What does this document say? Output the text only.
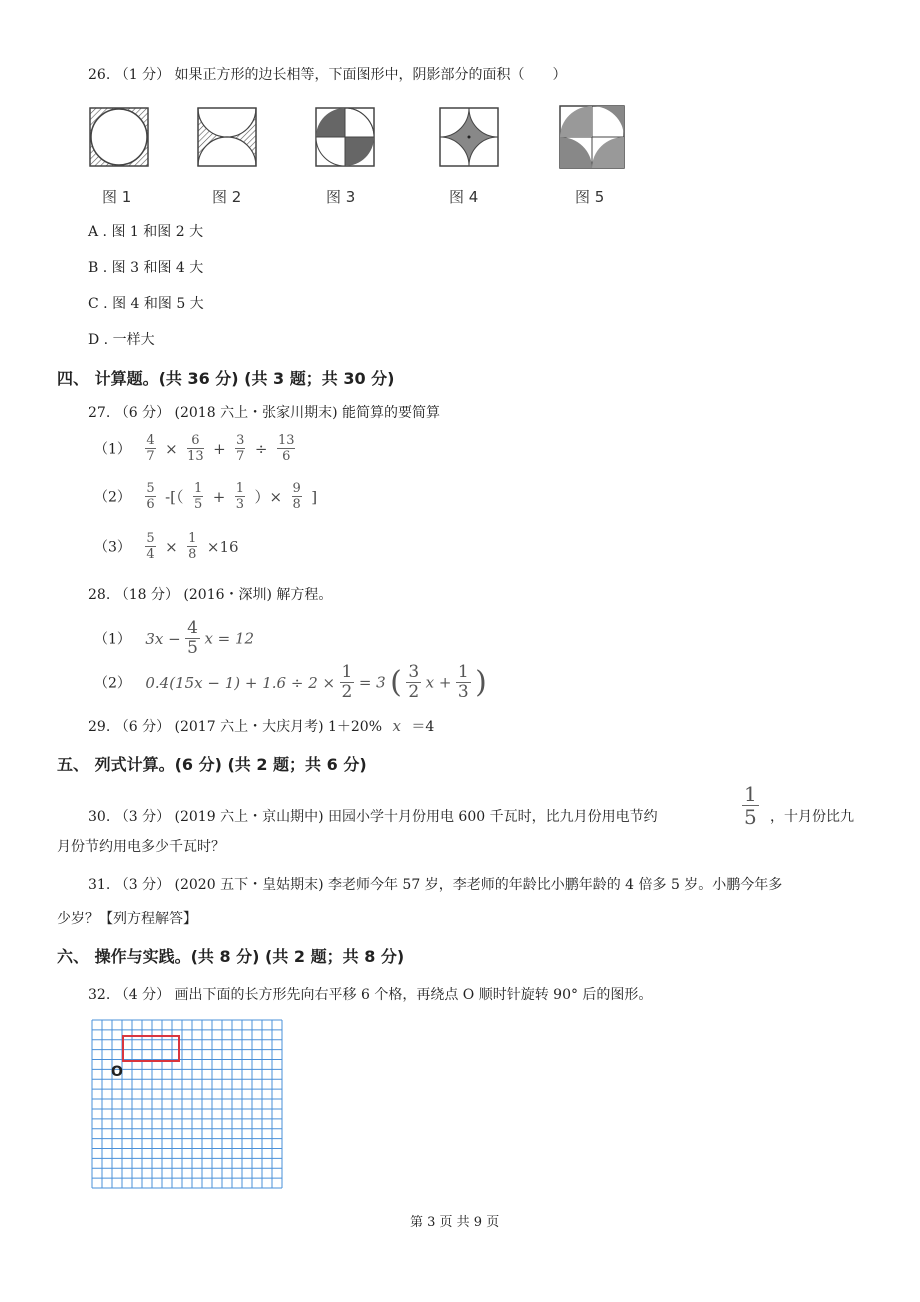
26. （1 分） 如果正方形的边长相等，下面图形中，阴影部分的面积（　　）
图 1	图 2	图 3	图 4	图 5
A . 图 1 和图 2 大
B . 图 3 和图 4 大
C . 图 4 和图 5 大
D . 一样大
四、 计算题。(共 36 分) (共 3 题；共 30 分)
27. （6 分） (2018 六上・张家川期末) 能简算的要简算
$(1) \frac{4}{7} \times \frac{6}{13} + \frac{3}{7} \div \frac{13}{6}$
$(2) \frac{5}{6}$ -[（ $\frac{1}{5} + \frac{1}{3}$ ）× $\frac{9}{8}$ ]
$(3) \frac{5}{4} \times \frac{1}{8} \times 16$
28. （18 分） (2016・深圳) 解方程。
（1） $3x - \frac{4}{5}$ x = 12
（2） $0.4(15x - 1) + 1.6 \div 2 \times \frac{1}{2} = 3$ ( $\frac{3}{2}$ $x + \frac{1}{3}$ )
29. （6 分） (2017 六上・大庆月考) 1＋20% x ＝4
五、 列式计算。(6 分) (共 2 题；共 6 分)
30. （3 分） (2019 六上・京山期中) 田园小学十月份用电 600 千瓦时，比九月份用电节约	$\frac{1}{5}$ ，十月份比九
月份节约用电多少千瓦时？
31. （3 分） (2020 五下・皇姑期末) 李老师今年 57 岁，李老师的年龄比小鹏年龄的 4 倍多 5 岁。小鹏今年多
少岁？【列方程解答】
六、 操作与实践。(共 8 分) (共 2 题；共 8 分)
32. （4 分） 画出下面的长方形先向右平移 6 个格，再绕点 O 顺时针旋转 90° 后的图形。
O
第 3 页 共 9 页
